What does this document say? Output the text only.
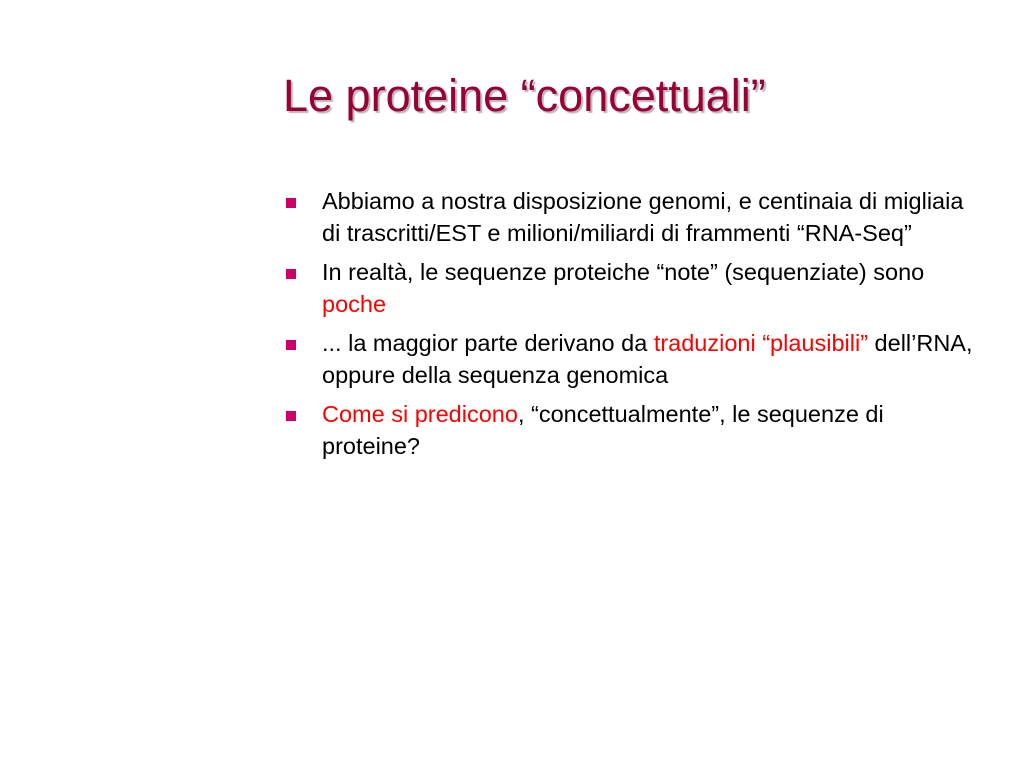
Le proteine “concettuali”
Abbiamo a nostra disposizione genomi, e centinaia di migliaia di trascritti/EST e milioni/miliardi di frammenti “RNA-Seq”
In realtà, le sequenze proteiche “note” (sequenziate) sono poche
... la maggior parte derivano da traduzioni “plausibili” dell’RNA, oppure della sequenza genomica
Come si predicono, “concettualmente”, le sequenze di proteine?
